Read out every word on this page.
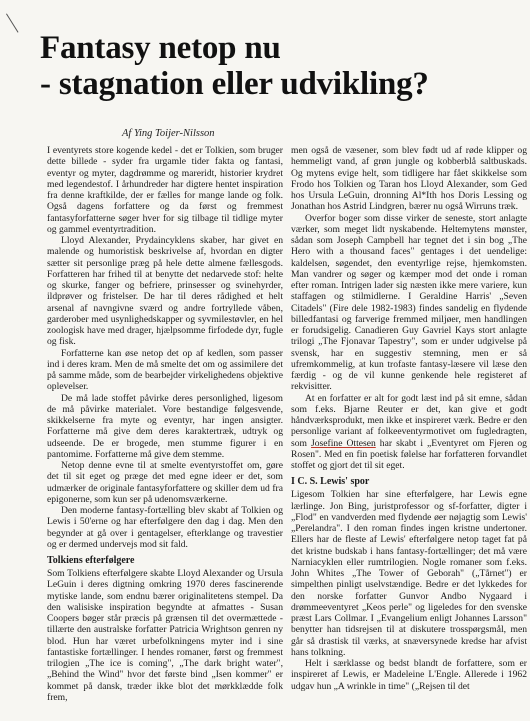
Fantasy netop nu
- stagnation eller udvikling?
Af Ying Toijer-Nilsson

I eventyrets store kogende kedel - det er Tolkien, som bruger dette billede - syder fra urgamle tider fakta og fantasi, eventyr og myter, dagdrømme og mareridt, historier krydret med legendestof. I århundreder har digtere hentet inspiration fra denne kraftkilde, der er fælles for mange lande og folk. Også dagens forfattere og da først og fremmest fantasyforfatterne søger hver for sig tilbage til tidlige myter og gammel eventyrtradition.

Lloyd Alexander, Prydaincyklens skaber, har givet en malende og humoristisk beskrivelse af, hvordan en digter sætter sit personlige præg på hele dette almene fællesgods. Forfatteren har frihed til at benytte det nedarvede stof: helte og skurke, fanger og befriere, prinsesser og svinehyrder, ildprøver og fristelser. De har til deres rådighed et helt arsenal af navngivne sværd og andre fortryllede våben, garderober med usynlighedskapper og syvmilestøvler, en hel zoologisk have med drager, hjælpsomme firfodede dyr, fugle og fisk.

Forfatterne kan øse netop det op af kedlen, som passer ind i deres kram. Men de må smelte det om og assimilere det på samme måde, som de bearbejder virkelighedens objektive oplevelser.

De må lade stoffet påvirke deres personlighed, ligesom de må påvirke materialet. Vore bestandige følgesvende, skikkelserne fra myte og eventyr, har ingen ansigter. Forfatterne må give dem deres karaktertræk, udtryk og udseende. De er brogede, men stumme figurer i en pantomime. Forfatterne må give dem stemme.

Netop denne evne til at smelte eventyrstoffet om, gøre det til sit eget og præge det med egne ideer er det, som udmærker de originale fantasyforfattere og skiller dem ud fra epigonerne, som kun ser på udenomsværkerne.

Den moderne fantasy-fortælling blev skabt af Tolkien og Lewis i 50'erne og har efterfølgere den dag i dag. Men den begynder at gå over i gentagelser, efterklange og travestier og er dermed undervejs mod sit fald.

Tolkiens efterfølgere

Som Tolkiens efterfølgere skabte Lloyd Alexander og Ursula LeGuin i deres digtning omkring 1970 deres fascinerende mytiske lande, som endnu bærer originalitetens stempel. Da den walisiske inspiration begyndte at afmattes - Susan Coopers bøger står præcis på grænsen til det overmættede - tillærte den australske forfatter Patricia Wrightson genren ny blod. Hun har været urbefolkningens myter ind i sine fantastiske fortællinger. I hendes romaner, først og fremmest trilogien „The ice is coming", „The dark bright water", „Behind the Wind" hvor det første bind „Isen kommer" er kommet på dansk, træder ikke blot det mørkklædde folk frem,

men også de væsener, som blev født ud af røde klipper og hemmeligt vand, af grøn jungle og kobberblå saltbuskads. Og mytens evige helt, som tidligere har fået skikkelse som Frodo hos Tolkien og Taran hos Lloyd Alexander, som Ged hos Ursula LeGuin, dronning Al*Ith hos Doris Lessing og Jonathan hos Astrid Lindgren, bærer nu også Wirruns træk.

Overfor boger som disse virker de seneste, stort anlagte værker, som meget lidt nyskabende. Heltemytens mønster, sådan som Joseph Campbell har tegnet det i sin bog „The Hero with a thousand faces" gentages i det uendelige: kaldelsen, søgendet, den eventyrlige rejse, hjemkomsten. Man vandrer og søger og kæmper mod det onde i roman efter roman. Intrigen lader sig næsten ikke mere variere, kun staffagen og stilmidlerne. I Geraldine Harris' „Seven Citadels" (Fire dele 1982-1983) findes sandelig en flydende billedfantasi og farverige fremmed miljøer, men handlingen er forudsigelig. Canadieren Guy Gavriel Kays stort anlagte trilogi „The Fjonavar Tapestry", som er under udgivelse på svensk, har en suggestiv stemning, men er så ufremkommelig, at kun trofaste fantasy-læsere vil læse den færdig - og de vil kunne genkende hele registeret af rekvisitter.

At en forfatter er alt for godt læst ind på sit emne, sådan som f.eks. Bjarne Reuter er det, kan give et godt håndværksprodukt, men ikke et inspireret værk. Bedre er den personlige variant af folkeeventyrmotivet om fugledragten, som Josefine Ottesen har skabt i „Eventyret om Fjeren og Rosen". Med en fin poetisk følelse har forfatteren forvandlet stoffet og gjort det til sit eget.

I C. S. Lewis' spor

Ligesom Tolkien har sine efterfølgere, har Lewis egne lærlinge. Jon Bing, juristprofessor og sf-forfatter, digter i „Flod" en vandverden med flydende øer nøjagtig som Lewis' „Perelandra". I den roman findes ingen kristne undertoner. Ellers har de fleste af Lewis' efterfølgere netop taget fat på det kristne budskab i hans fantasy-fortællinger; det må være Narniacyklen eller rumtrilogien. Nogle romaner som f.eks. John Whites „The Tower of Geborah" („Tårnet") er simpelthen pinligt uselvstændige. Bedre er det lykkedes for den norske forfatter Gunvor Andbo Nygaard i drømmeeventyret „Keos perle" og ligeledes for den svenske præst Lars Collmar. I „Evangelium enligt Johannes Larsson" benytter han tidsrejsen til at diskutere trosspørgsmål, men går så drastisk til værks, at snæversynede kredse har afvist hans tolkning.

Helt i særklasse og bedst blandt de forfattere, som er inspireret af Lewis, er Madeleine L'Engle. Allerede i 1962 udgav hun „A wrinkle in time" („Rejsen til det
